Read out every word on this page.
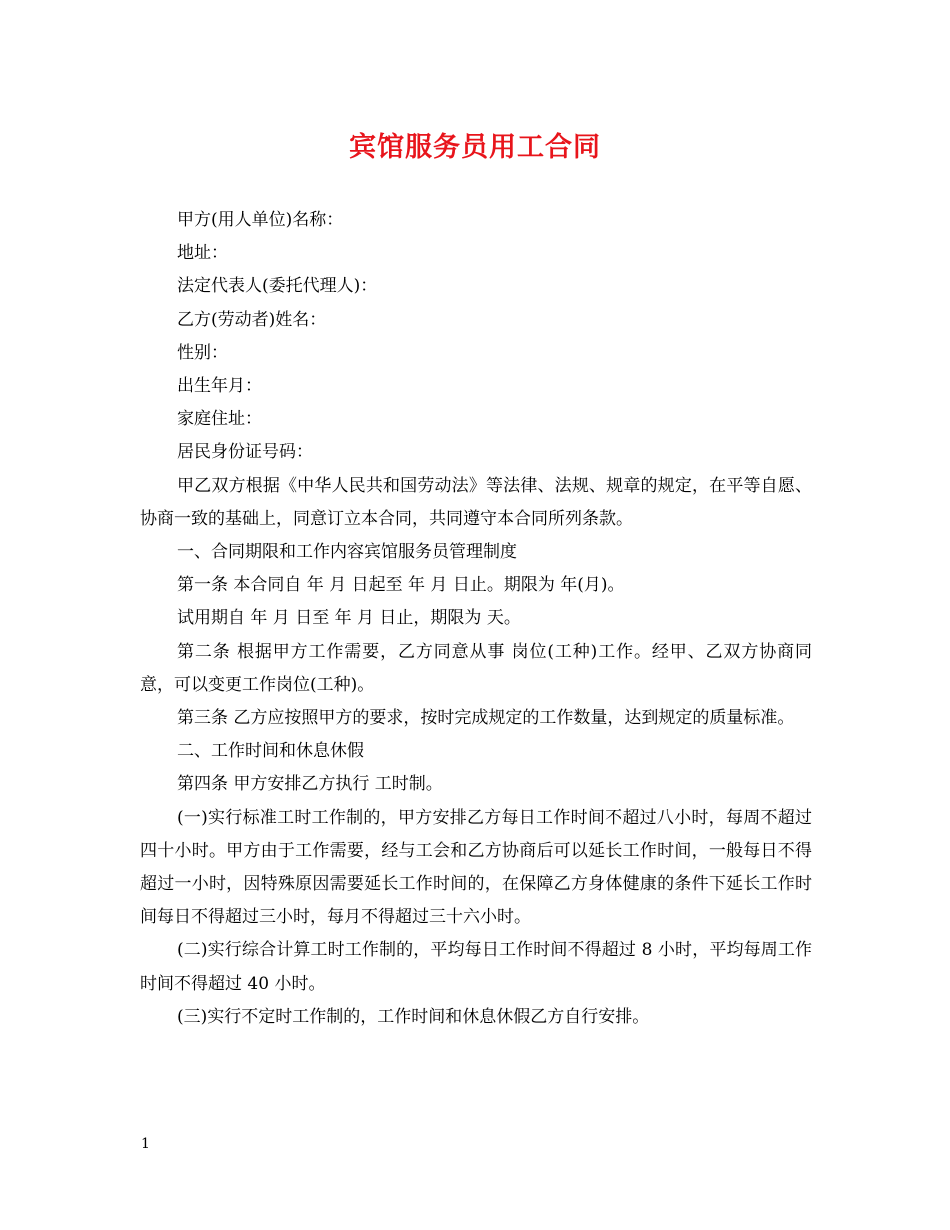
宾馆服务员用工合同

甲方(用人单位)名称：

地址：

法定代表人(委托代理人)：

乙方(劳动者)姓名：

性别：

出生年月：

家庭住址：

居民身份证号码：

甲乙双方根据《中华人民共和国劳动法》等法律、法规、规章的规定，在平等自愿、协商一致的基础上，同意订立本合同，共同遵守本合同所列条款。

一、合同期限和工作内容宾馆服务员管理制度

第一条 本合同自 年 月 日起至 年 月 日止。期限为 年(月)。

试用期自 年 月 日至 年 月 日止，期限为 天。

第二条 根据甲方工作需要，乙方同意从事 岗位(工种)工作。经甲、乙双方协商同意，可以变更工作岗位(工种)。

第三条 乙方应按照甲方的要求，按时完成规定的工作数量，达到规定的质量标准。

二、工作时间和休息休假

第四条 甲方安排乙方执行 工时制。

(一)实行标准工时工作制的，甲方安排乙方每日工作时间不超过八小时，每周不超过四十小时。甲方由于工作需要，经与工会和乙方协商后可以延长工作时间，一般每日不得超过一小时，因特殊原因需要延长工作时间的，在保障乙方身体健康的条件下延长工作时间每日不得超过三小时，每月不得超过三十六小时。

(二)实行综合计算工时工作制的，平均每日工作时间不得超过 8 小时，平均每周工作时间不得超过 40 小时。

(三)实行不定时工作制的，工作时间和休息休假乙方自行安排。

1
